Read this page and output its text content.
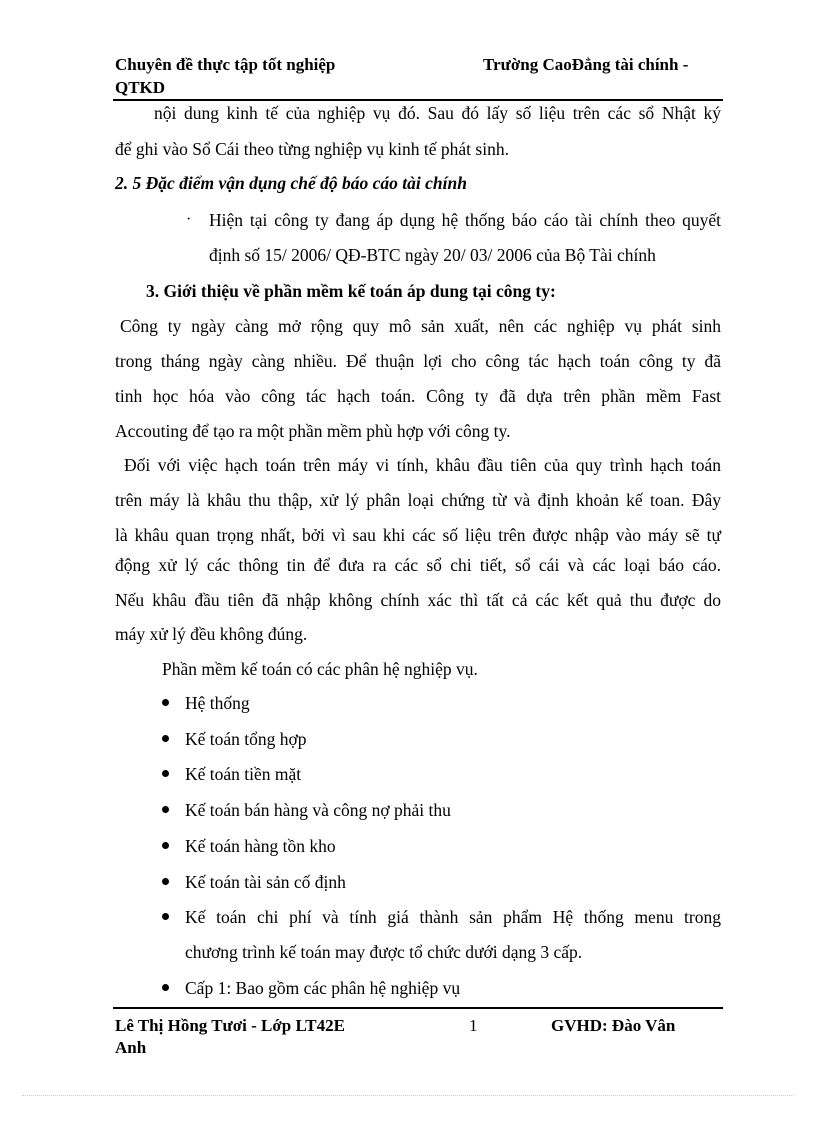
Chuyên đề thực tập tốt nghiệp
QTKD
Trường CaoĐẳng tài chính -
nội dung kinh tế của nghiệp vụ đó. Sau đó lấy số liệu trên các sổ Nhật ký
để ghi vào Sổ Cái theo từng nghiệp vụ kinh tế phát sinh.
2. 5 Đặc điểm vận dụng chế độ báo cáo tài chính
· Hiện tại công ty đang áp dụng hệ thống báo cáo tài chính theo quyết
định số 15/ 2006/ QĐ-BTC ngày 20/ 03/ 2006 của Bộ Tài chính
3. Giới thiệu về phần mềm kế toán áp dung tại công ty:
Công ty ngày càng mở rộng quy mô sản xuất, nên các nghiệp vụ phát sinh
trong tháng ngày càng nhiều. Để thuận lợi cho công tác hạch toán công ty đã
tinh học hóa vào công tác hạch toán. Công ty đã dựa trên phần mềm Fast
Accouting để tạo ra một phần mềm phù hợp với công ty.
Đối với việc hạch toán trên máy vi tính, khâu đầu tiên của quy trình hạch toán
trên máy là khâu thu thập, xử lý phân loại chứng từ và định khoản kế toan. Đây
là khâu quan trọng nhất, bởi vì sau khi các số liệu trên được nhập vào máy sẽ tự
động xử lý các thông tin để đưa ra các sổ chi tiết, sổ cái và các loại báo cáo.
Nếu khâu đầu tiên đã nhập không chính xác thì tất cả các kết quả thu được do
máy xử lý đều không đúng.
Phần mềm kế toán có các phân hệ nghiệp vụ.
Hệ thống
Kế toán tổng hợp
Kế toán tiền mặt
Kế toán bán hàng và công nợ phải thu
Kế toán hàng tồn kho
Kế toán tài sản cố định
Kế toán chi phí và tính giá thành sản phẩm Hệ thống menu trong
chương trình kế toán may được tổ chức dưới dạng 3 cấp.
Cấp 1: Bao gồm các phân hệ nghiệp vụ
Lê Thị Hồng Tươi - Lớp LT42E
Anh
1	GVHD: Đào Vân
